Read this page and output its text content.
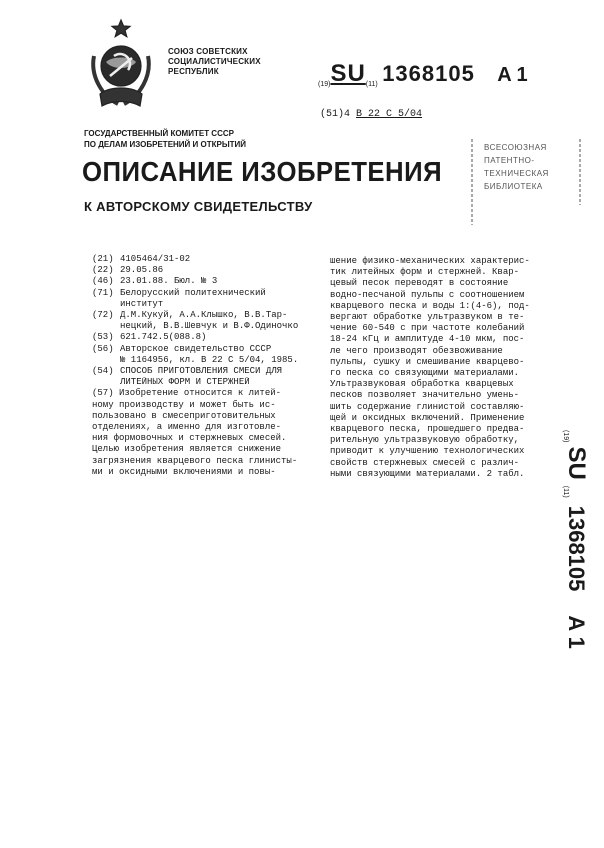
СОЮЗ СОВЕТСКИХ
СОЦИАЛИСТИЧЕСКИХ
РЕСПУБЛИК
(19)SU(11) 1368105 A 1
(51)4 B 22 C 5/04
ГОСУДАРСТВЕННЫЙ КОМИТЕТ СССР
ПО ДЕЛАМ ИЗОБРЕТЕНИЙ И ОТКРЫТИЙ	ВСЕСОЮЗНАЯ
ПАТЕНТНО-
ТЕХНИЧЕСКАЯ
БИБЛИОТЕКА
ОПИСАНИЕ ИЗОБРЕТЕНИЯ
К АВТОРСКОМУ СВИДЕТЕЛЬСТВУ
(21) 4105464/31-02
(22) 29.05.86
(46) 23.01.88. Бюл. № 3
(71) Белорусский политехнический
институт
(72) Д.М.Кукуй, А.А.Клышко, В.В.Тар-
нецкий, В.В.Шевчук и В.Ф.Одиночко
(53) 621.742.5(088.8)
(56) Авторское свидетельство СССР
№ 1164956, кл. B 22 C 5/04, 1985.
(54) СПОСОБ ПРИГОТОВЛЕНИЯ СМЕСИ ДЛЯ
ЛИТЕЙНЫХ ФОРМ И СТЕРЖНЕЙ
(57) Изобретение относится к литей-
ному производству и может быть ис-
пользовано в смесеприготовительных
отделениях, а именно для изготовле-
ния формовочных и стержневых смесей.
Целью изобретения является снижение
загрязнения кварцевого песка глинисты-
ми и оксидными включениями и повы-
шение физико-механических характерис-
тик литейных форм и стержней. Квар-
цевый песок переводят в состояние
водно-песчаной пульпы с соотношением
кварцевого песка и воды 1:(4-6), под-
вергают обработке ультразвуком в те-
чение 60-540 с при частоте колебаний
18-24 кГц и амплитуде 4-10 мкм, пос-
ле чего производят обезвоживание
пульпы, сушку и смешивание кварцево-
го песка со связующими материалами.
Ультразвуковая обработка кварцевых
песков позволяет значительно умень-
шить содержание глинистой составляю-
щей и оксидных включений. Применение
кварцевого песка, прошедшего предва-
рительную ультразвуковую обработку,
приводит к улучшению технологических
свойств стержневых смесей с различ-
ными связующими материалами. 2 табл.
(19)SU(11)1368105A 1
